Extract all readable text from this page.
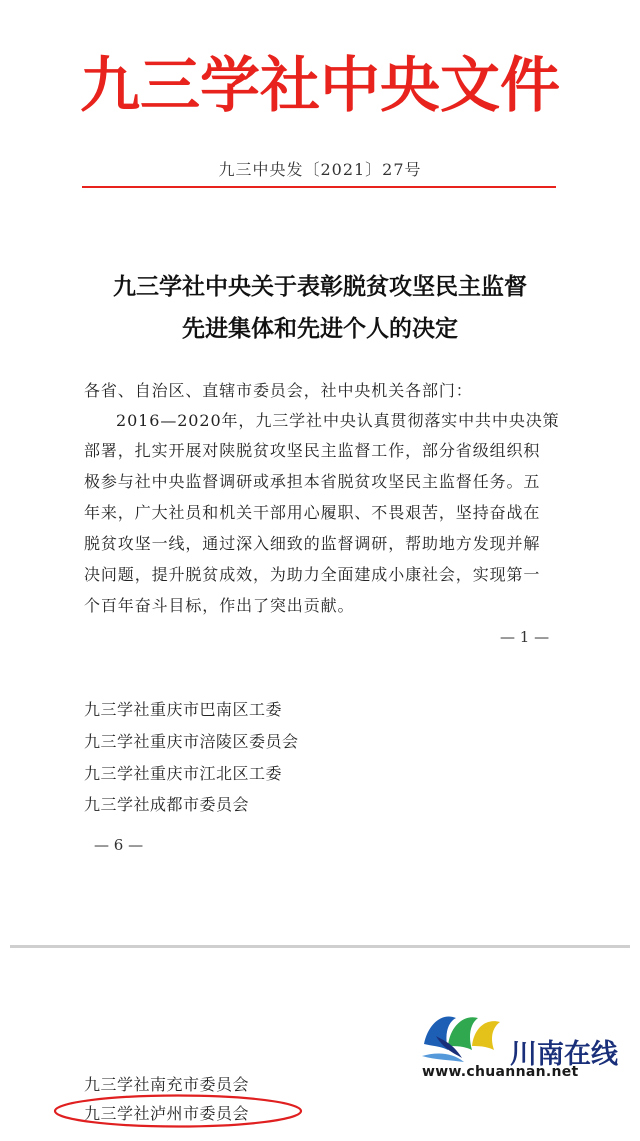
九三学社中央文件
九三中央发〔2021〕27号
九三学社中央关于表彰脱贫攻坚民主监督
先进集体和先进个人的决定
各省、自治区、直辖市委员会，社中央机关各部门：
2016—2020年，九三学社中央认真贯彻落实中共中央决策
部署，扎实开展对陕脱贫攻坚民主监督工作，部分省级组织积
极参与社中央监督调研或承担本省脱贫攻坚民主监督任务。五
年来，广大社员和机关干部用心履职、不畏艰苦，坚持奋战在
脱贫攻坚一线，通过深入细致的监督调研，帮助地方发现并解
决问题，提升脱贫成效，为助力全面建成小康社会，实现第一
个百年奋斗目标，作出了突出贡献。
— 1 —
九三学社重庆市巴南区工委
九三学社重庆市涪陵区委员会
九三学社重庆市江北区工委
九三学社成都市委员会
— 6 —
川南在线
www.chuannan.net
九三学社南充市委员会
九三学社泸州市委员会
